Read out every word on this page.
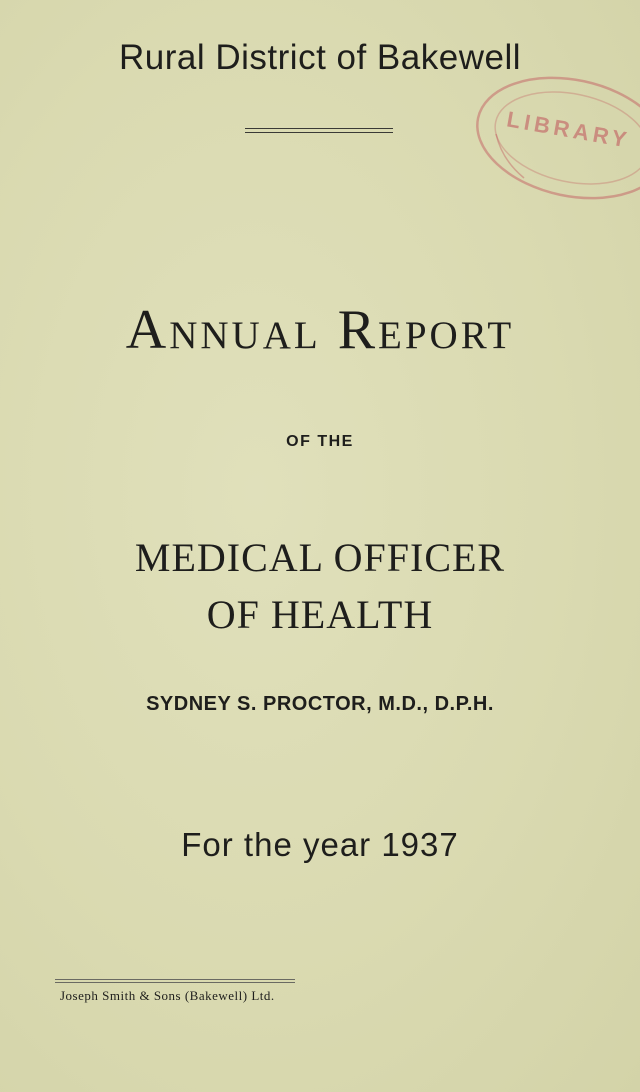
Rural District of Bakewell
LIBRARY
Annual Report
OF THE
MEDICAL OFFICER
OF HEALTH
SYDNEY S. PROCTOR, M.D., D.P.H.
For the year 1937
Joseph Smith & Sons (Bakewell) Ltd.
